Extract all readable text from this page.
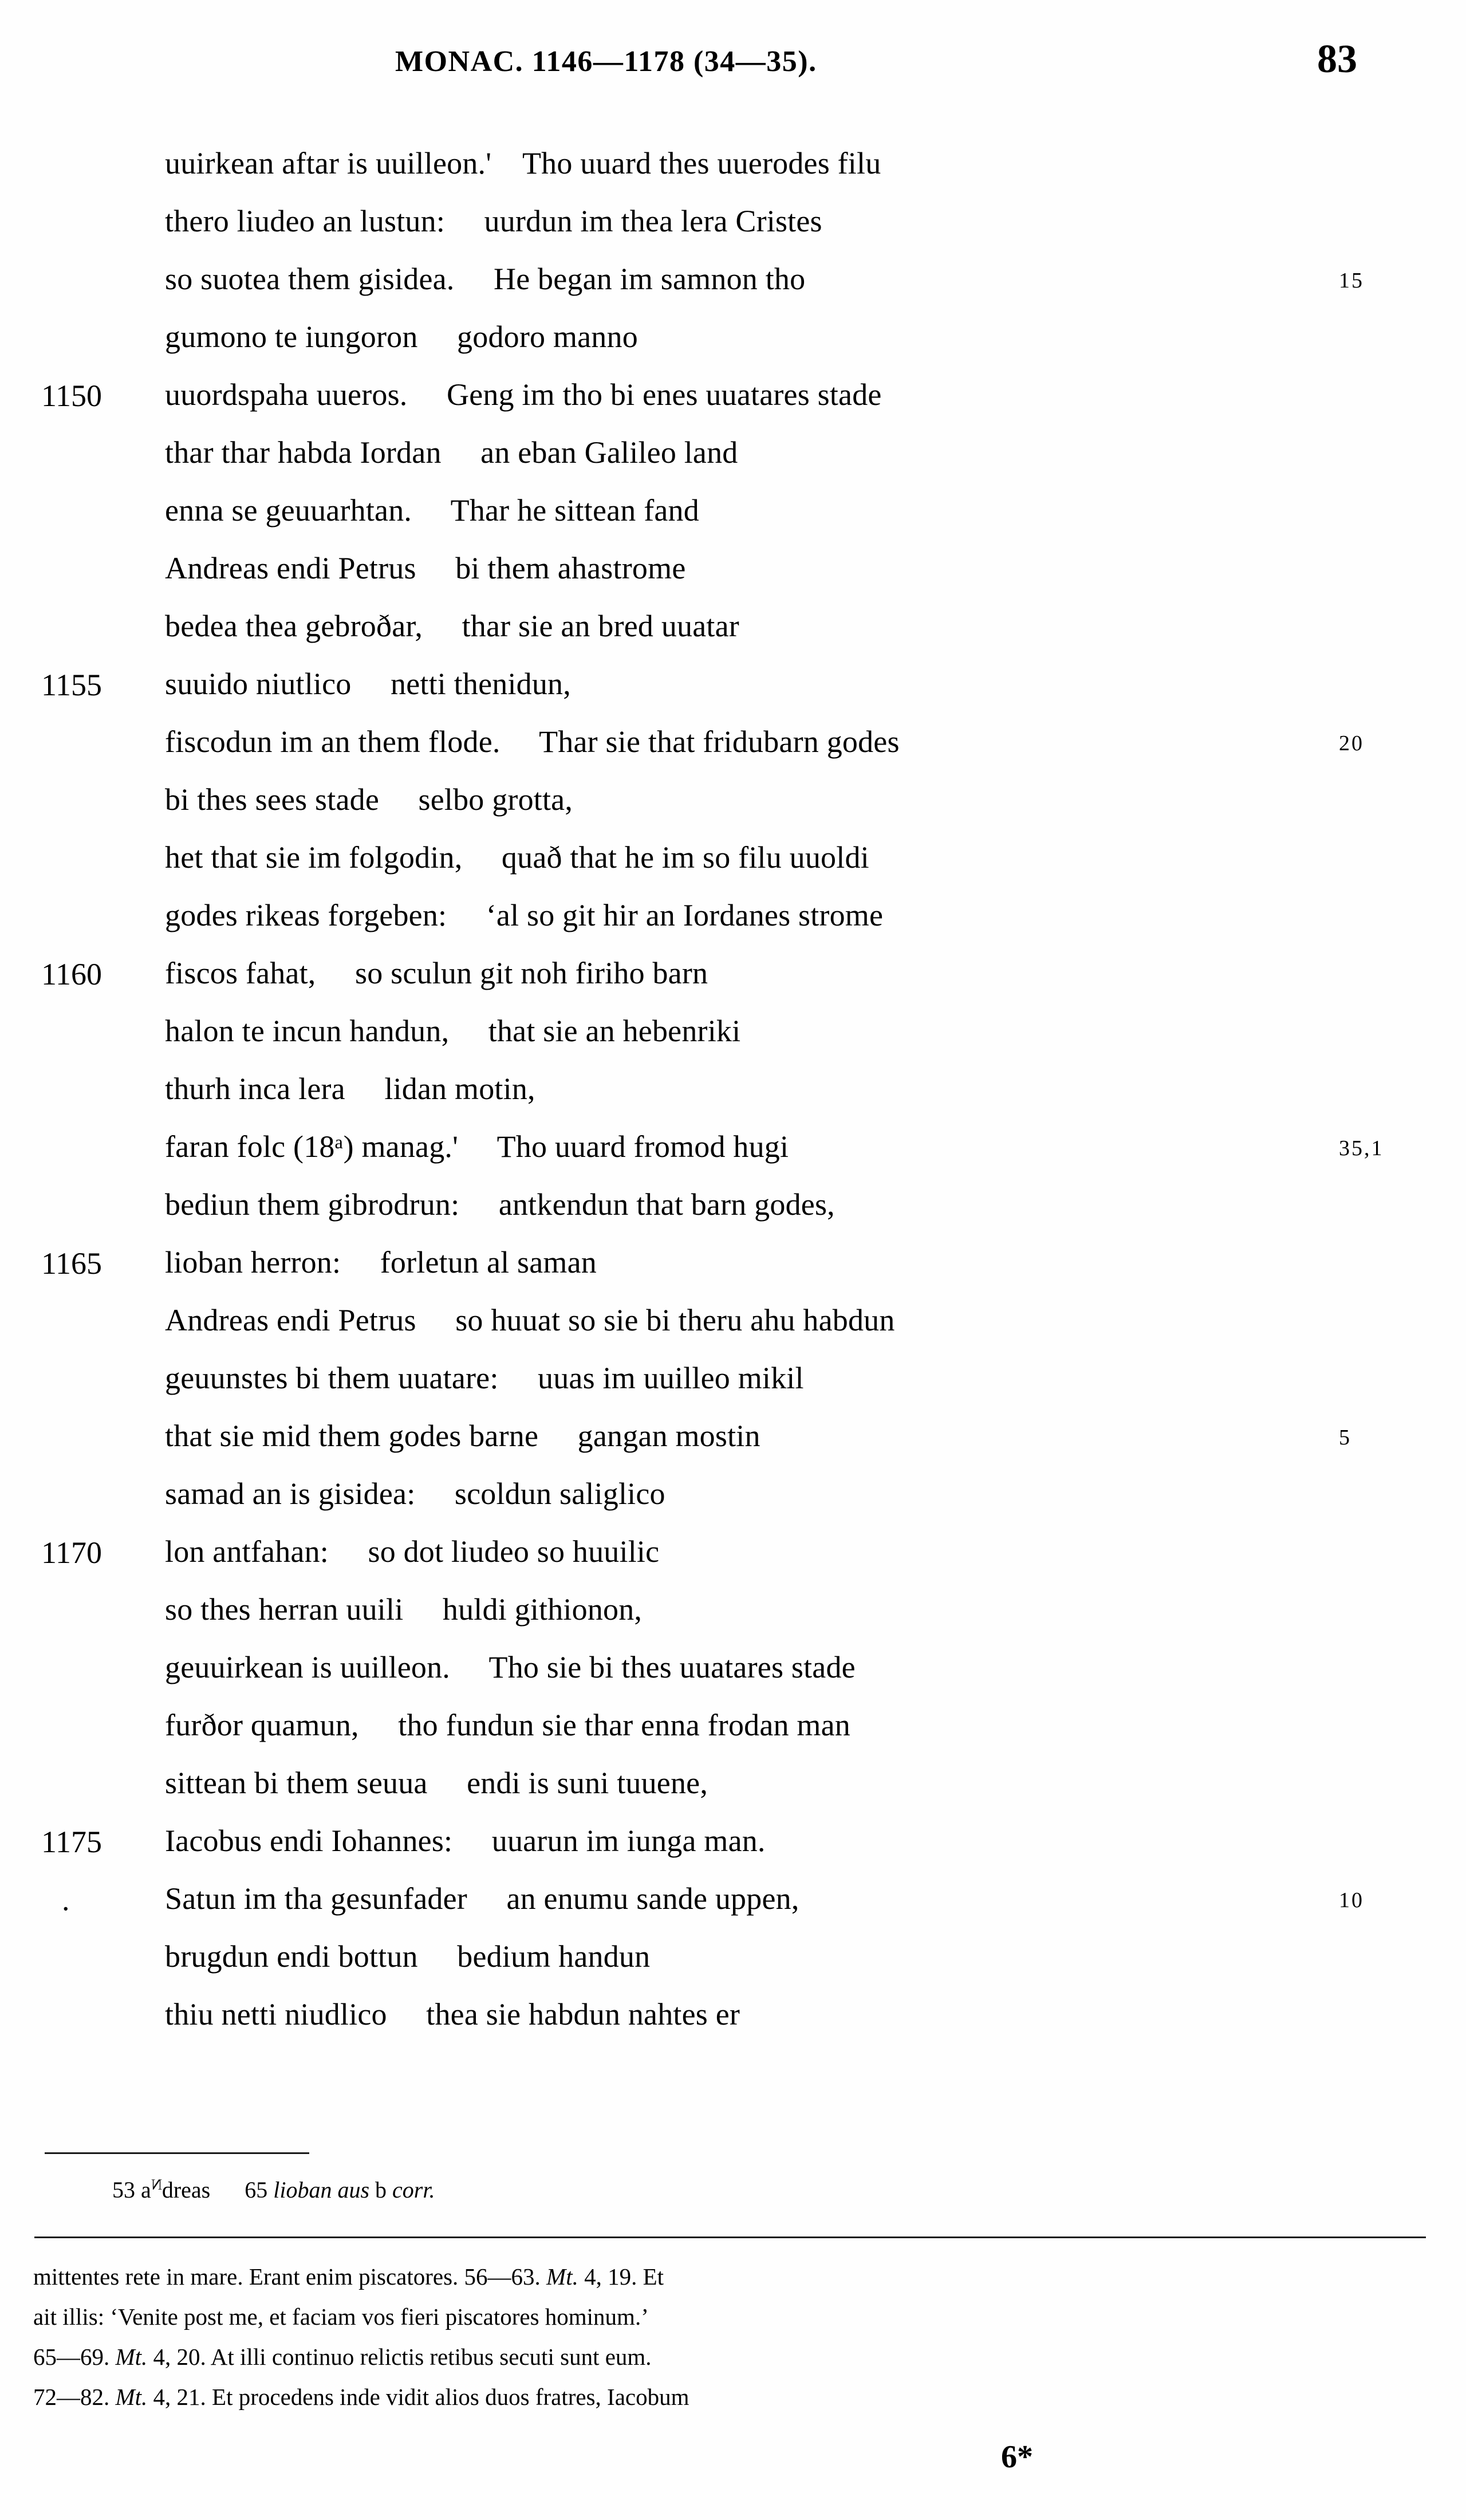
MONAC. 1146—1178 (34—35).	83
uuirkean aftar is uuilleon.'    Tho uuard thes uuerodes filu
thero liudeo an lustun:     uurdun im thea lera Cristes
so suotea them gisidea.     He began im samnon tho	15
gumono te iungoron     godoro manno
1150	uuordspaha uueros.     Geng im tho bi enes uuatares stade
thar thar habda Iordan     an eban Galileo land
enna se geuuarhtan.     Thar he sittean fand
Andreas endi Petrus     bi them ahastrome
bedea thea gebroðar,     thar sie an bred uuatar
1155	suuido niutlico     netti thenidun,
fiscodun im an them flode.     Thar sie that fridubarn godes	20
bi thes sees stade     selbo grotta,
het that sie im folgodin,     quað that he im so filu uuoldi
godes rikeas forgeben:     ‘al so git hir an Iordanes strome
1160	fiscos fahat,     so sculun git noh firiho barn
halon te incun handun,     that sie an hebenriki
thurh inca lera     lidan motin,
faran folc (18ᵃ) manag.'     Tho uuard fromod hugi	35,1
bediun them gibrodrun:     antkendun that barn godes,
1165	lioban herron:     forletun al saman
Andreas endi Petrus     so huuat so sie bi theru ahu habdun
geuunstes bi them uuatare:     uuas im uuilleo mikil
that sie mid them godes barne     gangan mostin	5
samad an is gisidea:     scoldun saliglico
1170	lon antfahan:     so dot liudeo so huuilic
so thes herran uuili     huldi githionon,
geuuirkean is uuilleon.     Tho sie bi thes uuatares stade
furðor quamun,     tho fundun sie thar enna frodan man
sittean bi them seuua     endi is suni tuuene,
1175	Iacobus endi Iohannes:     uuarun im iunga man.
.	Satun im tha gesunfader     an enumu sande uppen,	10
brugdun endi bottun     bedium handun
thiu netti niudlico     thea sie habdun nahtes er
53 aNdreas 65 lioban aus b corr.
mittentes rete in mare. Erant enim piscatores. 56—63. Mt. 4, 19. Et
ait illis: ‘Venite post me, et faciam vos fieri piscatores hominum.’
65—69. Mt. 4, 20. At illi continuo relictis retibus secuti sunt eum.
72—82. Mt. 4, 21. Et procedens inde vidit alios duos fratres, Iacobum
6*
